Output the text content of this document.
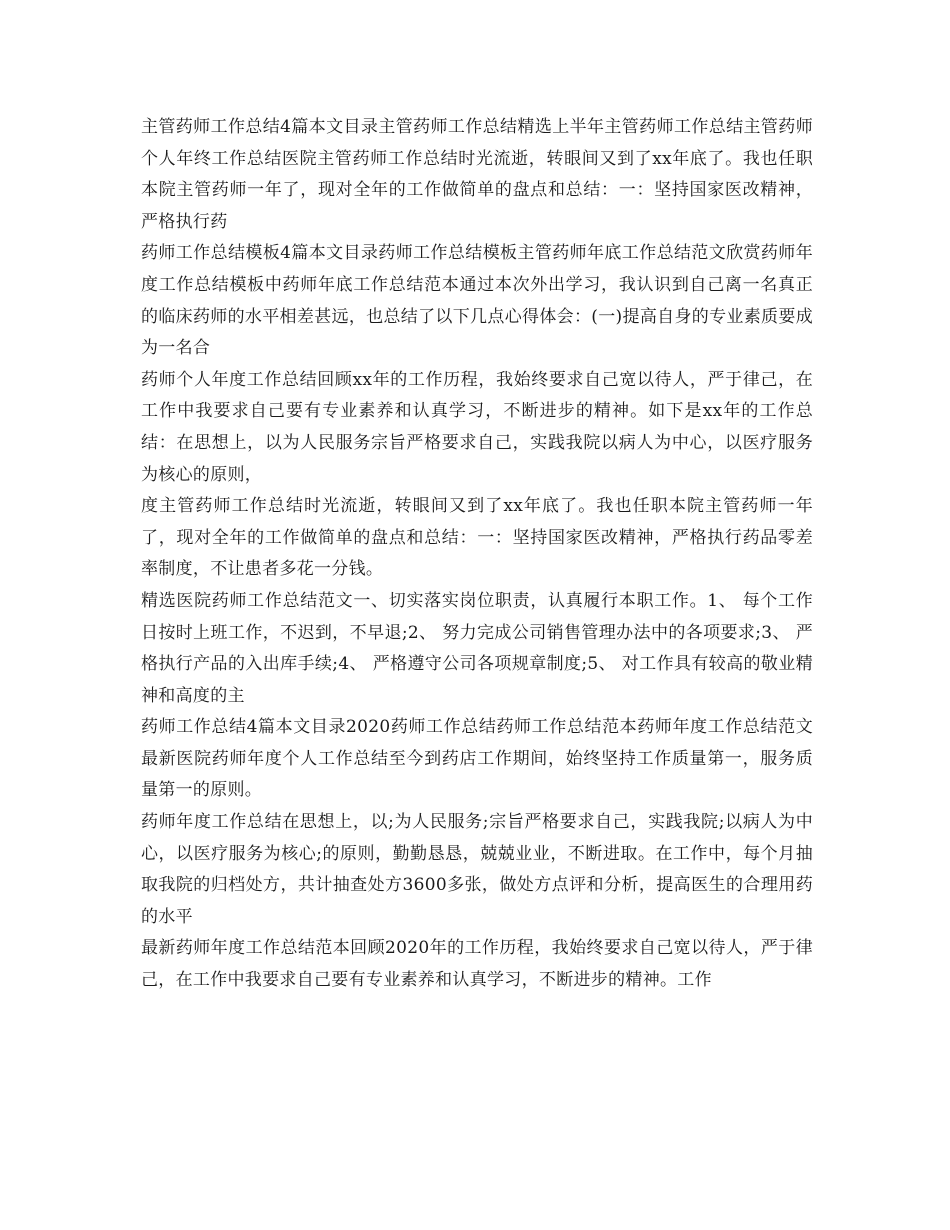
主管药师工作总结4篇本文目录主管药师工作总结精选上半年主管药师工作总结主管药师个人年终工作总结医院主管药师工作总结时光流逝，转眼间又到了xx年底了。我也任职本院主管药师一年了，现对全年的工作做简单的盘点和总结：一：坚持国家医改精神，严格执行药

药师工作总结模板4篇本文目录药师工作总结模板主管药师年底工作总结范文欣赏药师年度工作总结模板中药师年底工作总结范本通过本次外出学习，我认识到自己离一名真正的临床药师的水平相差甚远，也总结了以下几点心得体会：(一)提高自身的专业素质要成为一名合

药师个人年度工作总结回顾xx年的工作历程，我始终要求自己宽以待人，严于律己，在工作中我要求自己要有专业素养和认真学习，不断进步的精神。如下是xx年的工作总结：在思想上，以为人民服务宗旨严格要求自己，实践我院以病人为中心，以医疗服务为核心的原则，

度主管药师工作总结时光流逝，转眼间又到了xx年底了。我也任职本院主管药师一年了，现对全年的工作做简单的盘点和总结：一：坚持国家医改精神，严格执行药品零差率制度，不让患者多花一分钱。

精选医院药师工作总结范文一、切实落实岗位职责，认真履行本职工作。1、 每个工作日按时上班工作，不迟到，不早退;2、 努力完成公司销售管理办法中的各项要求;3、 严格执行产品的入出库手续;4、 严格遵守公司各项规章制度;5、 对工作具有较高的敬业精神和高度的主

药师工作总结4篇本文目录2020药师工作总结药师工作总结范本药师年度工作总结范文最新医院药师年度个人工作总结至今到药店工作期间，始终坚持工作质量第一，服务质量第一的原则。

药师年度工作总结在思想上，以;为人民服务;宗旨严格要求自己，实践我院;以病人为中心，以医疗服务为核心;的原则，勤勤恳恳，兢兢业业，不断进取。在工作中，每个月抽取我院的归档处方，共计抽查处方3600多张，做处方点评和分析，提高医生的合理用药的水平

最新药师年度工作总结范本回顾2020年的工作历程，我始终要求自己宽以待人，严于律己，在工作中我要求自己要有专业素养和认真学习，不断进步的精神。工作
